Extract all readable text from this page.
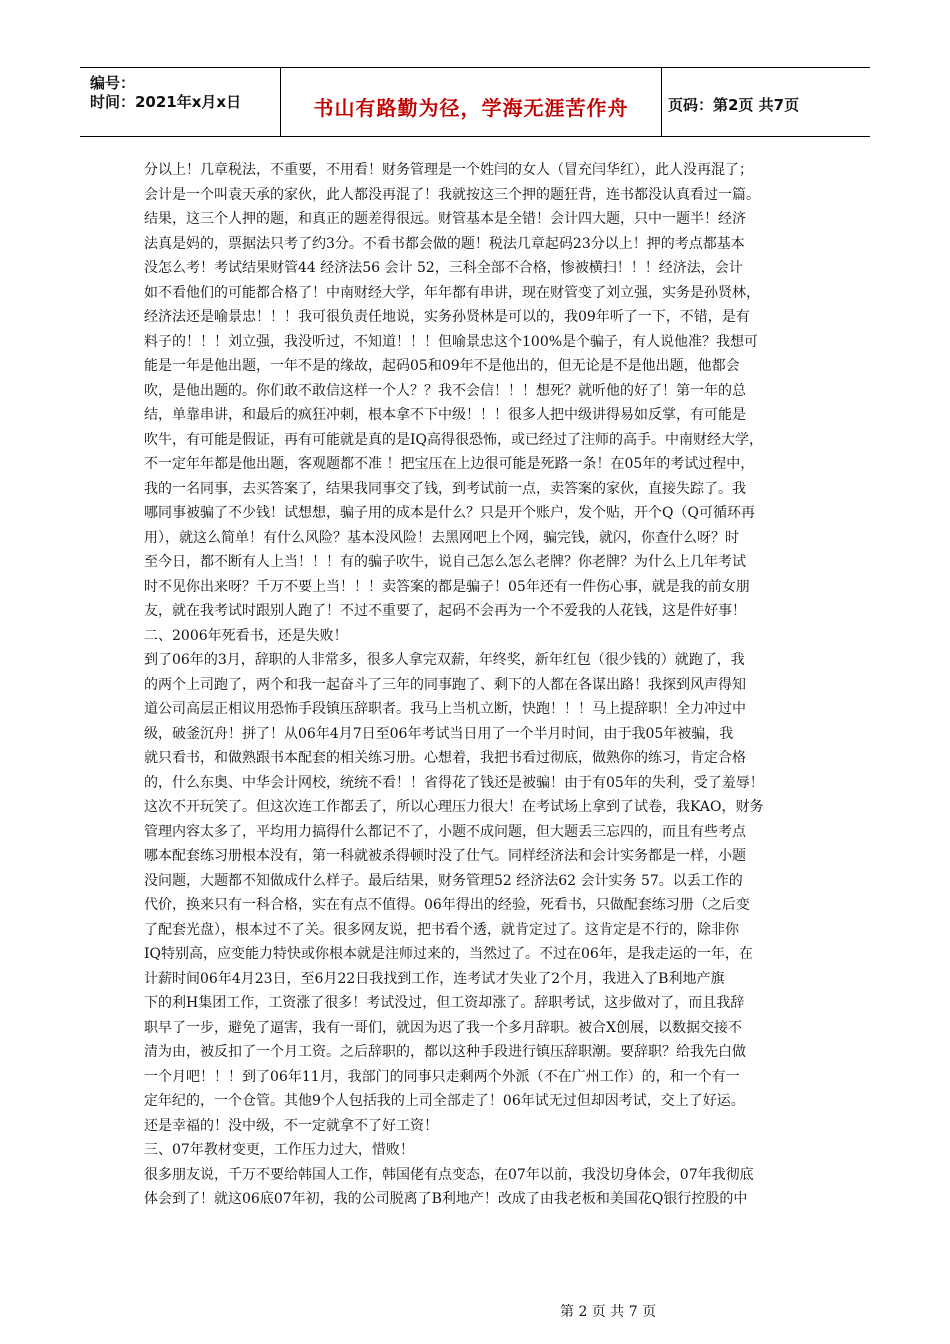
编号：
时间：2021年x月x日	书山有路勤为径，学海无涯苦作舟	页码：第2页 共7页
分以上！几章税法，不重要，不用看！财务管理是一个姓闫的女人（冒充闫华红），此人没再混了；
会计是一个叫袁天承的家伙，此人都没再混了！我就按这三个押的题狂背，连书都没认真看过一篇。
结果，这三个人押的题，和真正的题差得很远。财管基本是全错！会计四大题，只中一题半！经济
法真是妈的，票据法只考了约3分。不看书都会做的题！税法几章起码23分以上！押的考点都基本
没怎么考！考试结果财管44 经济法56 会计 52，三科全部不合格，惨被横扫！！！经济法，会计
如不看他们的可能都合格了！中南财经大学，年年都有串讲，现在财管变了刘立强，实务是孙贤林，
经济法还是喻景忠！！！我可很负责任地说，实务孙贤林是可以的，我09年听了一下，不错，是有
料子的！！！刘立强，我没听过，不知道！！！但喻景忠这个100%是个骗子，有人说他准？我想可
能是一年是他出题，一年不是的缘故，起码05和09年不是他出的，但无论是不是他出题，他都会
吹，是他出题的。你们敢不敢信这样一个人？？我不会信！！！想死？就听他的好了！第一年的总
结，单靠串讲，和最后的疯狂冲刺，根本拿不下中级！！！很多人把中级讲得易如反掌，有可能是
吹牛，有可能是假证，再有可能就是真的是IQ高得很恐怖，或已经过了注师的高手。中南财经大学，
不一定年年都是他出题，客观题都不准 ！把宝压在上边很可能是死路一条！在05年的考试过程中，
我的一名同事，去买答案了，结果我同事交了钱，到考试前一点，卖答案的家伙，直接失踪了。我
哪同事被骗了不少钱！试想想，骗子用的成本是什么？只是开个账户，发个贴，开个Q（Q可循环再
用），就这么简单！有什么风险？基本没风险！去黑网吧上个网，骗完钱，就闪，你查什么呀？时
至今日，都不断有人上当！！！有的骗子吹牛，说自己怎么怎么老牌？你老牌？为什么上几年考试
时不见你出来呀？千万不要上当！！！卖答案的都是骗子！05年还有一件伤心事，就是我的前女朋
友，就在我考试时跟别人跑了！不过不重要了，起码不会再为一个不爱我的人花钱，这是件好事！
二、2006年死看书，还是失败！
到了06年的3月，辞职的人非常多，很多人拿完双薪，年终奖，新年红包（很少钱的）就跑了，我
的两个上司跑了，两个和我一起奋斗了三年的同事跑了、剩下的人都在各谋出路！我探到风声得知
道公司高层正相议用恐怖手段镇压辞职者。我马上当机立断，快跑！！！马上提辞职！全力冲过中
级，破釜沉舟！拼了！从06年4月7日至06年考试当日用了一个半月时间，由于我05年被骗，我
就只看书，和做熟跟书本配套的相关练习册。心想着，我把书看过彻底，做熟你的练习，肯定合格
的，什么东奥、中华会计网校，统统不看！！省得花了钱还是被骗！由于有05年的失利，受了羞辱！
这次不开玩笑了。但这次连工作都丢了，所以心理压力很大！在考试场上拿到了试卷，我KAO，财务
管理内容太多了，平均用力搞得什么都记不了，小题不成问题，但大题丢三忘四的，而且有些考点
哪本配套练习册根本没有，第一科就被杀得顿时没了仕气。同样经济法和会计实务都是一样，小题
没问题，大题都不知做成什么样子。最后结果，财务管理52 经济法62 会计实务 57。以丢工作的
代价，换来只有一科合格，实在有点不值得。06年得出的经验，死看书，只做配套练习册（之后变
了配套光盘），根本过不了关。很多网友说，把书看个透，就肯定过了。这肯定是不行的，除非你
IQ特别高，应变能力特快或你根本就是注师过来的，当然过了。不过在06年，是我走运的一年，在
计薪时间06年4月23日，至6月22日我找到工作，连考试才失业了2个月，我进入了B利地产旗
下的利H集团工作，工资涨了很多！考试没过，但工资却涨了。辞职考试，这步做对了，而且我辞
职早了一步，避免了逼害，我有一哥们，就因为迟了我一个多月辞职。被合X创展，以数据交接不
清为由，被反扣了一个月工资。之后辞职的，都以这种手段进行镇压辞职潮。要辞职？给我先白做
一个月吧！！！到了06年11月，我部门的同事只走剩两个外派（不在广州工作）的，和一个有一
定年纪的，一个仓管。其他9个人包括我的上司全部走了！06年试无过但却因考试，交上了好运。
还是幸福的！没中级，不一定就拿不了好工资！
三、07年教材变更，工作压力过大，惜败！
很多朋友说，千万不要给韩国人工作，韩国佬有点变态，在07年以前，我没切身体会，07年我彻底
体会到了！就这06底07年初，我的公司脱离了B利地产！改成了由我老板和美国花Q银行控股的中
第 2 页 共 7 页
